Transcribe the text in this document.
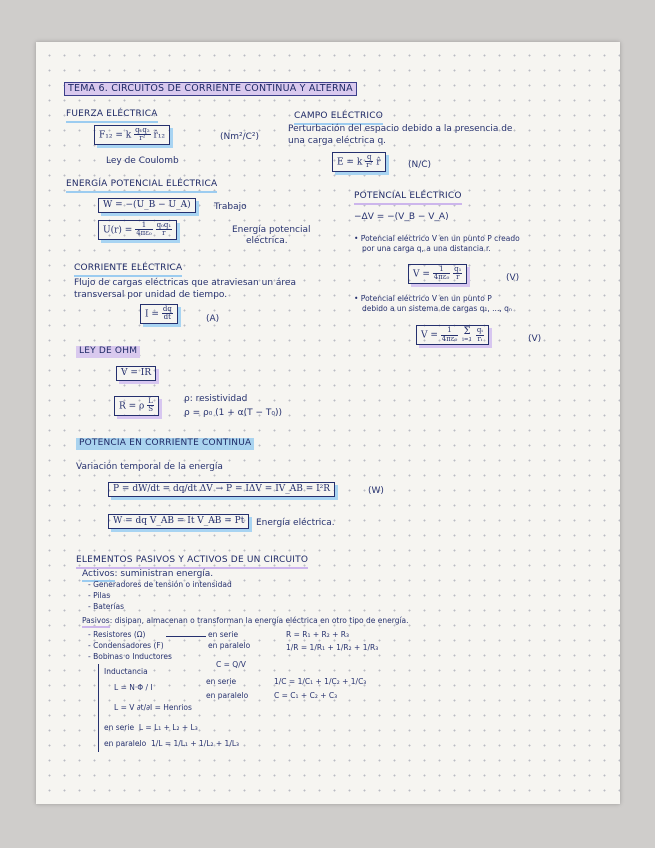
TEMA 6. CIRCUITOS DE CORRIENTE CONTINUA Y ALTERNA
FUERZA ELÉCTRICA
F₁₂ = k $\frac{\text{q₁q₂}}{\text{r²}}$ r̂₁₂	(Nm²/C²)
Ley de Coulomb
CAMPO ELÉCTRICO
Perturbación del espacio debido a la presencia de
una carga eléctrica q.
E = k $\frac{q}{\text{r²}}$ r̂	(N/C)
ENERGÍA POTENCIAL ELÉCTRICA
W = −(U_B − U_A)	Trabajo
$U(r) = \frac{1}{\text{4πε₀}}$
$\frac{\text{q₀q₁}}{r}$	Energía potencial
eléctrica.
POTENCIAL ELÉCTRICO
−ΔV = −(V_B − V_A)
• Potencial eléctrico V en un punto P creado
por una carga q, a una distancia r.
$V = \frac{1}{\text{4πε₀}}$
$\frac{\text{q₁}}{r}$	(V)
• Potencial eléctrico V en un punto P
debido a un sistema de cargas q₁, ..., qₙ
$V = \frac{1}{\text{4πε₀}}$
Σ
i=1
$\frac{\text{qᵢ}}{\text{rᵢ}}$	(V)
CORRIENTE ELÉCTRICA
Flujo de cargas eléctricas que atraviesan un área
transversal por unidad de tiempo.
$I = \frac{dq}{dt}$	(A)
LEY DE OHM
V = IR
R = ρ $\frac{L}{S}$	ρ: resistividad
ρ = ρ₀ (1 + α(T − T₀))
POTENCIA EN CORRIENTE CONTINUA
Variación temporal de la energía
P = dW/dt = dq/dt ΔV → P = IΔV = IV_AB = I²R	(W)
W = dq V_AB = It V_AB = Pt	Energía eléctrica.
ELEMENTOS PASIVOS Y ACTIVOS DE UN CIRCUITO
Activos: suministran energía.
- Generadores de tensión o intensidad
- Pilas
- Baterías
Pasivos: disipan, almacenan o transforman la energía eléctrica en otro tipo de energía.
- Resistores (Ω)
- Condensadores (F)
- Bobinas o Inductores
en serie
en paralelo
R = R₁ + R₂ + R₃
1/R = 1/R₁ + 1/R₂ + 1/R₃
C = Q/V
en serie	1/C = 1/C₁ + 1/C₂ + 1/C₃
en paralelo	C = C₁ + C₂ + C₃
Inductancia
L = N·Φ / I
L = V ∂t/∂I = Henrios
en serie L = L₁ + L₂ + L₃
en paralelo 1/L = 1/L₁ + 1/L₂ + 1/L₃
